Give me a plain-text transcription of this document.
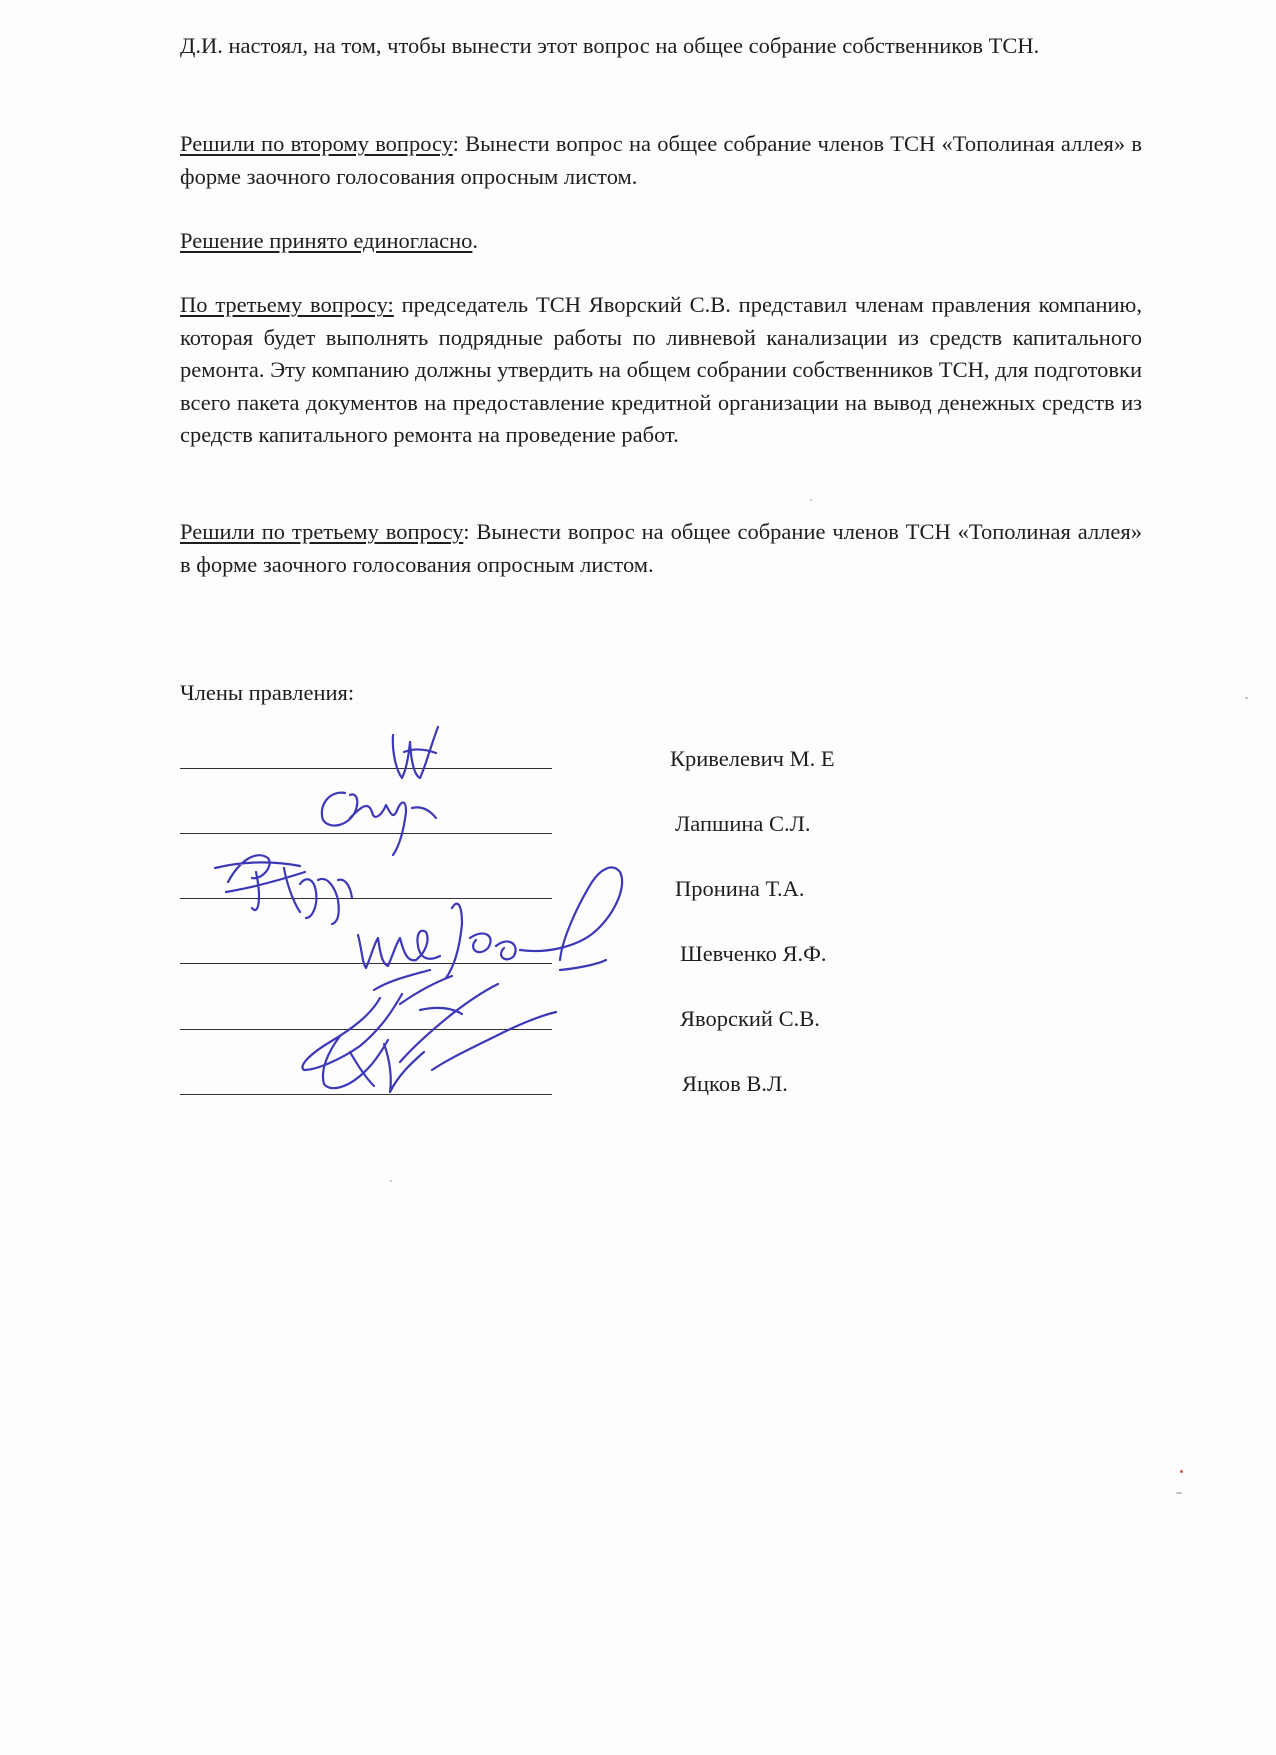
Д.И. настоял, на том, чтобы вынести этот вопрос на общее собрание собственников ТСН.

Решили по второму вопросу: Вынести вопрос на общее собрание членов ТСН «Тополиная аллея» в форме заочного голосования опросным листом.

Решение принято единогласно.

По третьему вопросу: председатель ТСН Яворский С.В. представил членам правления компанию, которая будет выполнять подрядные работы по ливневой канализации из средств капитального ремонта. Эту компанию должны утвердить на общем собрании собственников ТСН, для подготовки всего пакета документов на предоставление кредитной организации на вывод денежных средств из средств капитального ремонта на проведение работ.

Решили по третьему вопросу: Вынести вопрос на общее собрание членов ТСН «Тополиная аллея» в форме заочного голосования опросным листом.

Члены правления:
Кривелевич М. Е
Лапшина С.Л.
Пронина Т.А.
Шевченко Я.Ф.
Яворский С.В.
Яцков В.Л.
